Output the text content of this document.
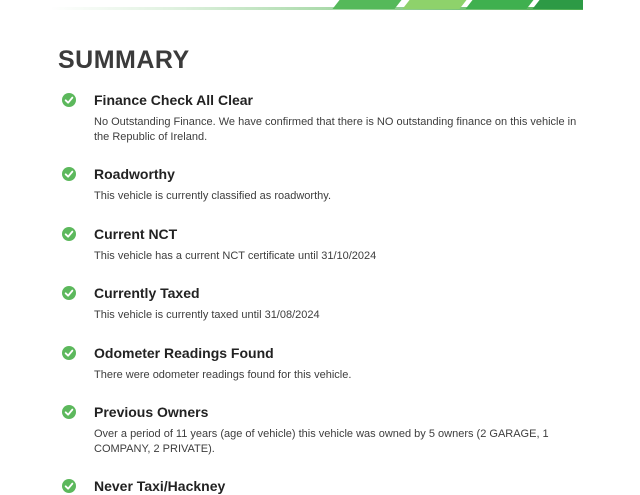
SUMMARY
Finance Check All Clear
No Outstanding Finance. We have confirmed that there is NO outstanding finance on this vehicle in the Republic of Ireland.
Roadworthy
This vehicle is currently classified as roadworthy.
Current NCT
This vehicle has a current NCT certificate until 31/10/2024
Currently Taxed
This vehicle is currently taxed until 31/08/2024
Odometer Readings Found
There were odometer readings found for this vehicle.
Previous Owners
Over a period of 11 years (age of vehicle) this vehicle was owned by 5 owners (2 GARAGE, 1 COMPANY, 2 PRIVATE).
Never Taxi/Hackney
